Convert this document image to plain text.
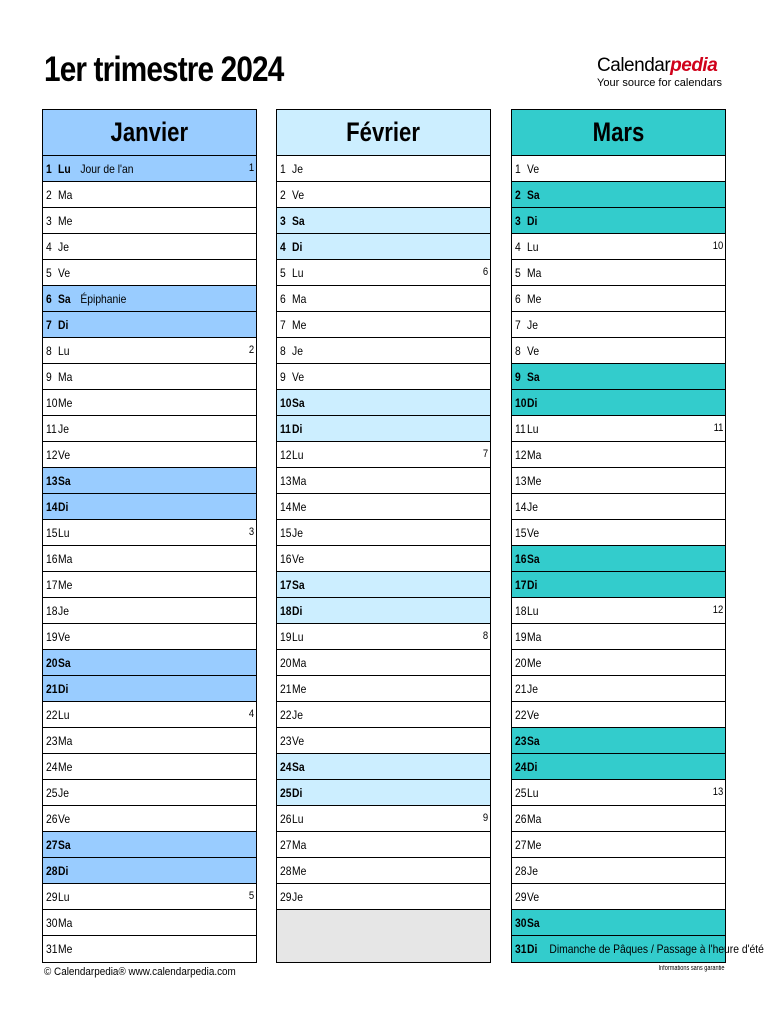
1er trimestre 2024	Calendarpedia
Your source for calendars
Janvier
1 Lu Jour de l'an	1
2 Ma
3 Me
4 Je
5 Ve
6 Sa Épiphanie
7 Di
8 Lu	2
9 Ma
10 Me
11 Je
12 Ve
13 Sa
14 Di
15 Lu	3
16 Ma
17 Me
18 Je
19 Ve
20 Sa
21 Di
22 Lu	4
23 Ma
24 Me
25 Je
26 Ve
27 Sa
28 Di
29 Lu	5
30 Ma
31 Me
Février
1 Je
2 Ve
3 Sa
4 Di
5 Lu	6
6 Ma
7 Me
8 Je
9 Ve
10 Sa
11 Di
12 Lu	7
13 Ma
14 Me
15 Je
16 Ve
17 Sa
18 Di
19 Lu	8
20 Ma
21 Me
22 Je
23 Ve
24 Sa
25 Di
26 Lu	9
27 Ma
28 Me
29 Je
Mars
1 Ve
2 Sa
3 Di
4 Lu	10
5 Ma
6 Me
7 Je
8 Ve
9 Sa
10 Di
11 Lu	11
12 Ma
13 Me
14 Je
15 Ve
16 Sa
17 Di
18 Lu	12
19 Ma
20 Me
21 Je
22 Ve
23 Sa
24 Di
25 Lu	13
26 Ma
27 Me
28 Je
29 Ve
30 Sa
31 Di	Dimanche de Pâques / Passage à l'heure d'été
© Calendarpedia® www.calendarpedia.com	Informations sans garantie
